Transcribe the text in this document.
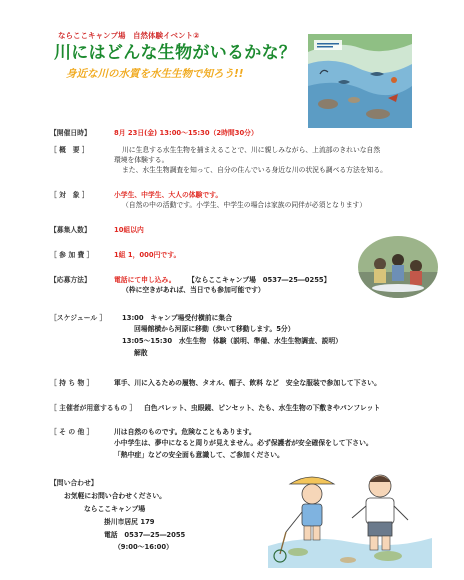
ならここキャンプ場　自然体験イベント②
川にはどんな生物がいるかな？
身近な川の水質を水生生物で知ろう!!
【開催日時】	8月 23日(金) 13:00～15:30（2時間30分）
［ 概　要 ］	川に生息する水生生物を捕まえることで、川に親しみながら、上流部のきれいな自然
環境を体験する。
また、水生生物調査を知って、自分の住んでいる身近な川の状況も調べる方法を知る。
［ 対　象 ］	小学生、中学生、大人の体験です。
（自然の中の活動です。小学生、中学生の場合は家族の同伴が必須となります）
【募集人数】	10組以内
［ 参 加 費 ］	1組 1，000円です。
【応募方法】	電話にて申し込み。 【ならここキャンプ場　0537―25―0255】
（枠に空きがあれば、当日でも参加可能です）
［スケジュール ］ 13:00　キャンプ場受付横前に集合
回場館横から河原に移動（歩いて移動します。5分）
13:05～15:30　水生生物　体験（説明、準備、水生生物調査、説明）
解散
［ 持 ち 物 ］	軍手、川に入るための履物、タオル、帽子、飲料 など　安全な服装で参加して下さい。
［ 主催者が用意するもの ］ 白色パレット、虫眼鏡、ピンセット、たも、水生生物の下敷きやパンフレット
［ そ の 他 ］	川は自然のものです。危険なこともあります。
小中学生は、夢中になると周りが見えません。必ず保護者が安全確保をして下さい。
「熱中症」などの安全面も意識して、ご参加ください。
【問い合わせ】
お気軽にお問い合わせください。
ならここキャンプ場
掛川市居尻 179
電話　0537―25―2055
（9:00～16:00）
